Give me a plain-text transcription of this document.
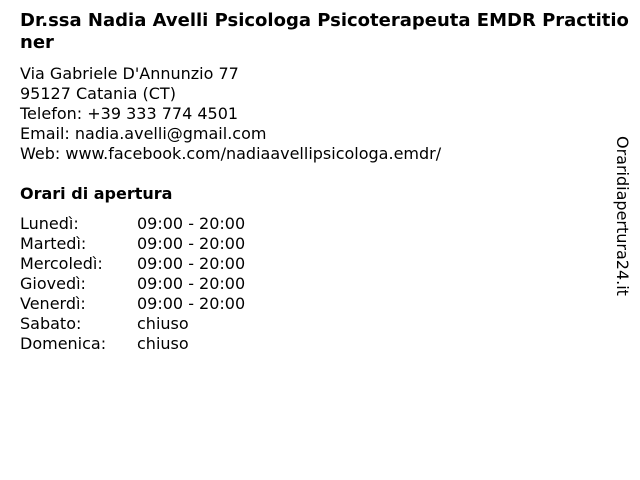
Dr.ssa Nadia Avelli Psicologa Psicoterapeuta EMDR Practitioner
Via Gabriele D'Annunzio 77
95127 Catania (CT)
Telefon: +39 333 774 4501
Email: nadia.avelli@gmail.com
Web: www.facebook.com/nadiaavellipsicologa.emdr/
Orari di apertura
Lunedì:	09:00 - 20:00
Martedì:	09:00 - 20:00
Mercoledì:	09:00 - 20:00
Giovedì:	09:00 - 20:00
Venerdì:	09:00 - 20:00
Sabato:	chiuso
Domenica:	chiuso
Oraridiapertura24.it
